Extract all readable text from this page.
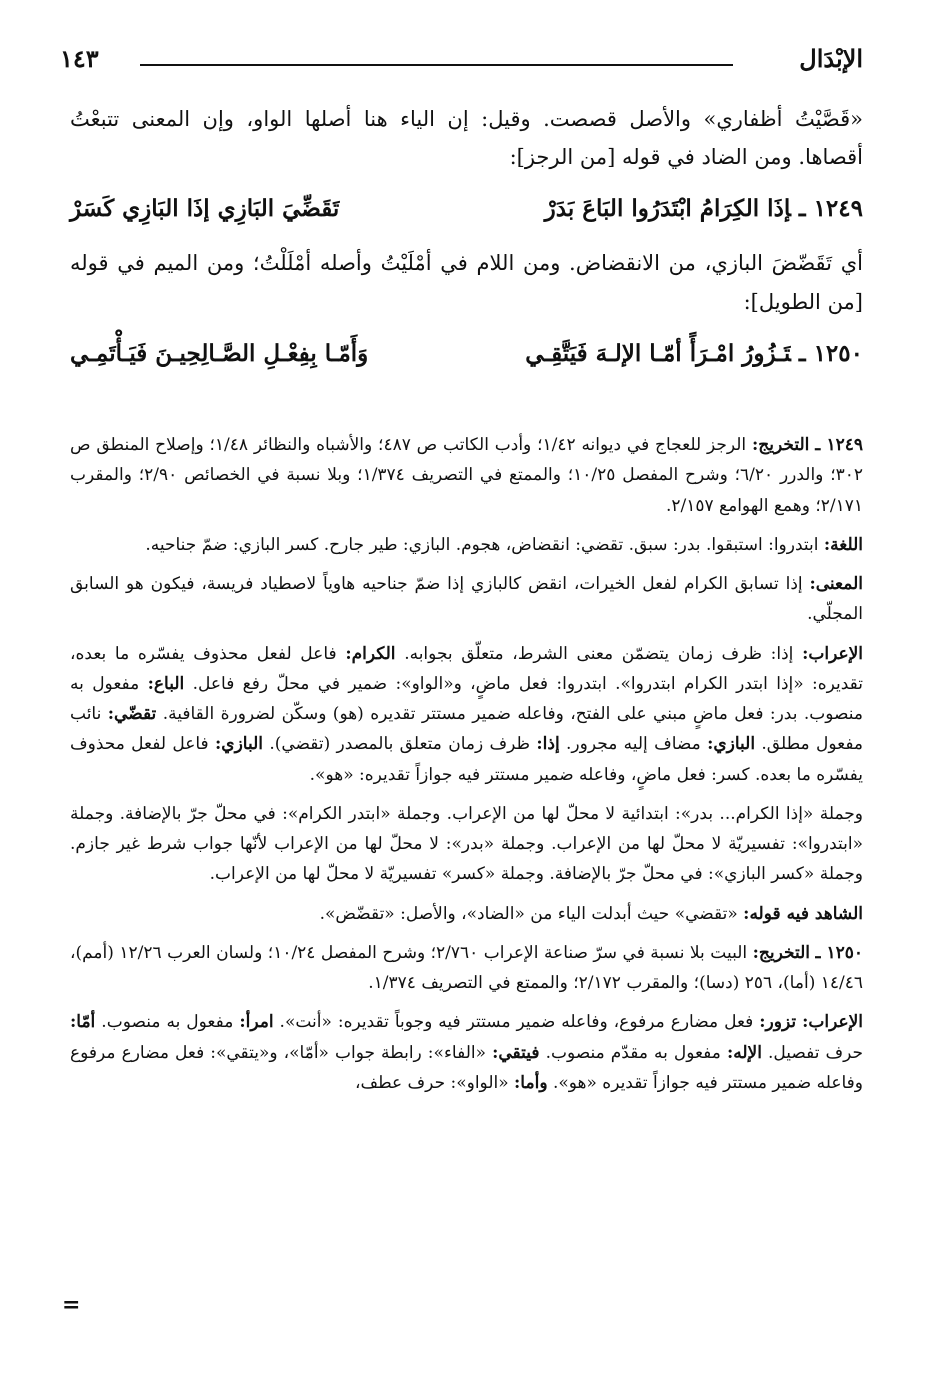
الإبْدَال
١٤٣

«قَصَّيْتُ أظفاري» والأصل قصصت. وقيل: إن الياء هنا أصلها الواو، وإن المعنى تتبعْتُ أقصاها. ومن الضاد في قوله [من الرجز]:

١٢٤٩ ـإذَا الكِرَامُ ابْتَدَرُوا البَاعَ بَدَرْ
تَقَضِّيَ البَازِي إذَا البَازِي كَسَرْ

أي تَقَضّضَ البازي، من الانقضاض. ومن اللام في أمْلَيْتُ وأصله أمْلَلْتُ؛ ومن الميم في قوله [من الطويل]:

١٢٥٠ ـتَـزُورُ امْـرَأً أمّـا الإلـهَ فَيَتَّقِـي
وَأَمّـا بِفِعْـلِ الصَّـالِحِيـنَ فَيَـأْتَمِـي

١٢٤٩ ـ التخريج: الرجز للعجاج في ديوانه ١/٤٢؛ وأدب الكاتب ص ٤٨٧؛ والأشباه والنظائر ١/٤٨؛ وإصلاح المنطق ص ٣٠٢؛ والدرر ٦/٢٠؛ وشرح المفصل ١٠/٢٥؛ والممتع في التصريف ١/٣٧٤؛ وبلا نسبة في الخصائص ٢/٩٠؛ والمقرب ٢/١٧١؛ وهمع الهوامع ٢/١٥٧.

اللغة: ابتدروا: استبقوا. بدر: سبق. تقضي: انقضاض، هجوم. البازي: طير جارح. كسر البازي: ضمّ جناحيه.

المعنى: إذا تسابق الكرام لفعل الخيرات، انقض كالبازي إذا ضمّ جناحيه هاوياً لاصطياد فريسة، فيكون هو السابق المجلّي.

الإعراب: إذا: ظرف زمان يتضمّن معنى الشرط، متعلّق بجوابه. الكرام: فاعل لفعل محذوف يفسّره ما بعده، تقديره: «إذا ابتدر الكرام ابتدروا». ابتدروا: فعل ماضٍ، و«الواو»: ضمير في محلّ رفع فاعل. الباع: مفعول به منصوب. بدر: فعل ماضٍ مبني على الفتح، وفاعله ضمير مستتر تقديره (هو) وسكّن لضرورة القافية. تقضّي: نائب مفعول مطلق. البازي: مضاف إليه مجرور. إذا: ظرف زمان متعلق بالمصدر (تقضي). البازي: فاعل لفعل محذوف يفسّره ما بعده. كسر: فعل ماضٍ، وفاعله ضمير مستتر فيه جوازاً تقديره: «هو».

وجملة «إذا الكرام... بدر»: ابتدائية لا محلّ لها من الإعراب. وجملة «ابتدر الكرام»: في محلّ جرّ بالإضافة. وجملة «ابتدروا»: تفسيريّة لا محلّ لها من الإعراب. وجملة «بدر»: لا محلّ لها من الإعراب لأنّها جواب شرط غير جازم. وجملة «كسر البازي»: في محلّ جرّ بالإضافة. وجملة «كسر» تفسيريّة لا محلّ لها من الإعراب.

الشاهد فيه قوله: «تقضي» حيث أبدلت الياء من «الضاد»، والأصل: «تقضّض».

١٢٥٠ ـ التخريج: البيت بلا نسبة في سرّ صناعة الإعراب ٢/٧٦٠؛ وشرح المفصل ١٠/٢٤؛ ولسان العرب ١٢/٢٦ (أمم)، ١٤/٤٦ (أما)، ٢٥٦ (دسا)؛ والمقرب ٢/١٧٢؛ والممتع في التصريف ١/٣٧٤.

الإعراب: تزور: فعل مضارع مرفوع، وفاعله ضمير مستتر فيه وجوباً تقديره: «أنت». امرأ: مفعول به منصوب. أمّا: حرف تفصيل. الإله: مفعول به مقدّم منصوب. فيتقي: «الفاء»: رابطة جواب «أمّا»، و«يتقي»: فعل مضارع مرفوع وفاعله ضمير مستتر فيه جوازاً تقديره «هو». وأما: «الواو»: حرف عطف،

=
